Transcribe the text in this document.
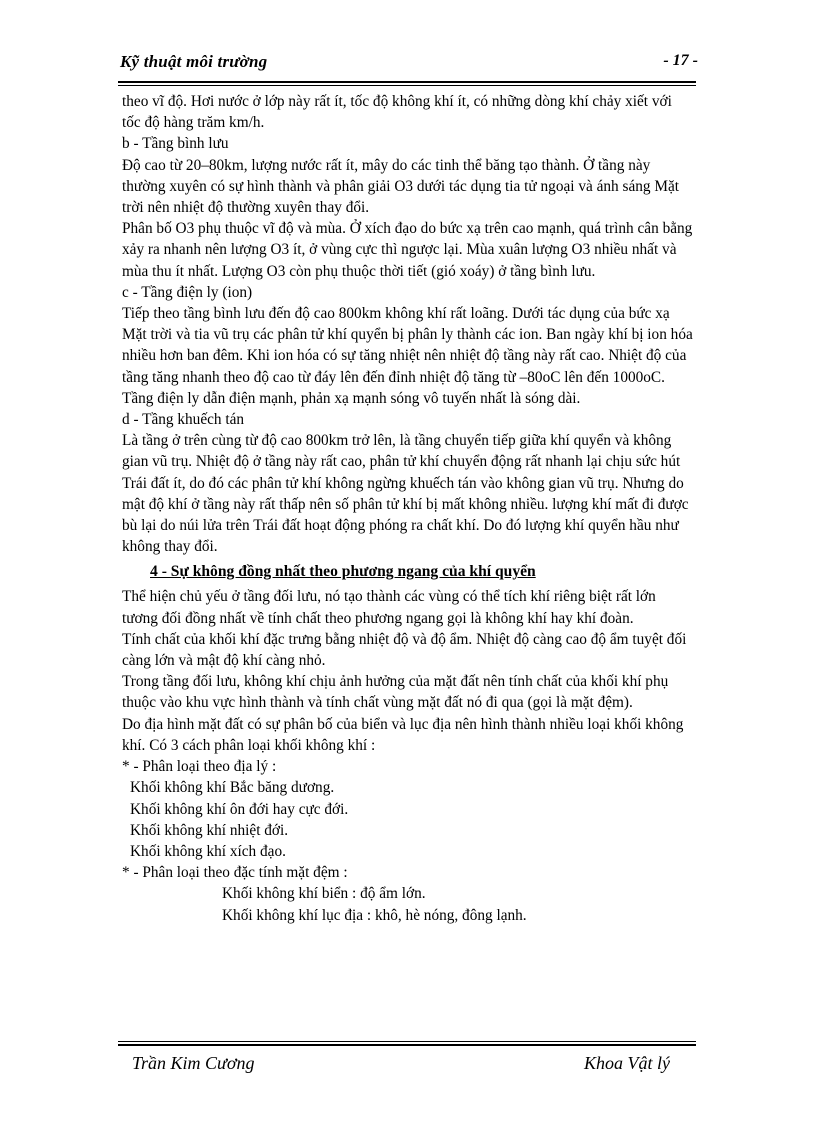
Kỹ thuật môi trường	- 17 -

theo vĩ độ. Hơi nước ở lớp này rất ít, tốc độ không khí ít, có những dòng khí chảy xiết với tốc độ hàng trăm km/h.

b - Tầng bình lưu

Độ cao từ 20–80km, lượng nước rất ít, mây do các tinh thể băng tạo thành. Ở tầng này thường xuyên có sự hình thành và phân giải O3 dưới tác dụng tia tử ngoại và ánh sáng Mặt trời nên nhiệt độ thường xuyên thay đổi.

Phân bố O3 phụ thuộc vĩ độ và mùa. Ở xích đạo do bức xạ trên cao mạnh, quá trình cân bằng xảy ra nhanh nên lượng O3 ít, ở vùng cực thì ngược lại. Mùa xuân lượng O3 nhiều nhất và mùa thu ít nhất. Lượng O3 còn phụ thuộc thời tiết (gió xoáy) ở tầng bình lưu.

c - Tầng điện ly (ion)

Tiếp theo tầng bình lưu đến độ cao 800km không khí rất loãng. Dưới tác dụng của bức xạ Mặt trời và tia vũ trụ các phân tử khí quyển bị phân ly thành các ion. Ban ngày khí bị ion hóa nhiều hơn ban đêm. Khi ion hóa có sự tăng nhiệt nên nhiệt độ tầng này rất cao. Nhiệt độ của tầng tăng nhanh theo độ cao từ đáy lên đến đỉnh nhiệt độ tăng từ –80oC lên đến 1000oC.

Tầng điện ly dẫn điện mạnh, phản xạ mạnh sóng vô tuyến nhất là sóng dài.

d - Tầng khuếch tán

Là tầng ở trên cùng từ độ cao 800km trở lên, là tầng chuyển tiếp giữa khí quyển và không gian vũ trụ. Nhiệt độ ở tầng này rất cao, phân tử khí chuyển động rất nhanh lại chịu sức hút Trái đất ít, do đó các phân tử khí không ngừng khuếch tán vào không gian vũ trụ. Nhưng do mật độ khí ở tầng này rất thấp nên số phân tử khí bị mất không nhiều. lượng khí mất đi được bù lại do núi lửa trên Trái đất hoạt động phóng ra chất khí. Do đó lượng khí quyển hầu như không thay đổi.

4 - Sự không đồng nhất theo phương ngang của khí quyển

Thể hiện chủ yếu ở tầng đối lưu, nó tạo thành các vùng có thể tích khí riêng biệt rất lớn tương đối đồng nhất về tính chất theo phương ngang gọi là không khí hay khí đoàn.

Tính chất của khối khí đặc trưng bằng nhiệt độ và độ ẩm. Nhiệt độ càng cao độ ẩm tuyệt đối càng lớn và mật độ khí càng nhỏ.

Trong tầng đối lưu, không khí chịu ảnh hưởng của mặt đất nên tính chất của khối khí phụ thuộc vào khu vực hình thành và tính chất vùng mặt đất nó đi qua (gọi là mặt đệm).

Do địa hình mặt đất có sự phân bố của biển và lục địa nên hình thành nhiều loại khối không khí. Có 3 cách phân loại khối không khí :

* - Phân loại theo địa lý :

Khối không khí Bắc băng dương.

Khối không khí ôn đới hay cực đới.

Khối không khí nhiệt đới.

Khối không khí xích đạo.

* - Phân loại theo đặc tính mặt đệm :

Khối không khí biển : độ ẩm lớn.

Khối không khí lục địa : khô, hè nóng, đông lạnh.

Trần Kim Cương	Khoa Vật lý
